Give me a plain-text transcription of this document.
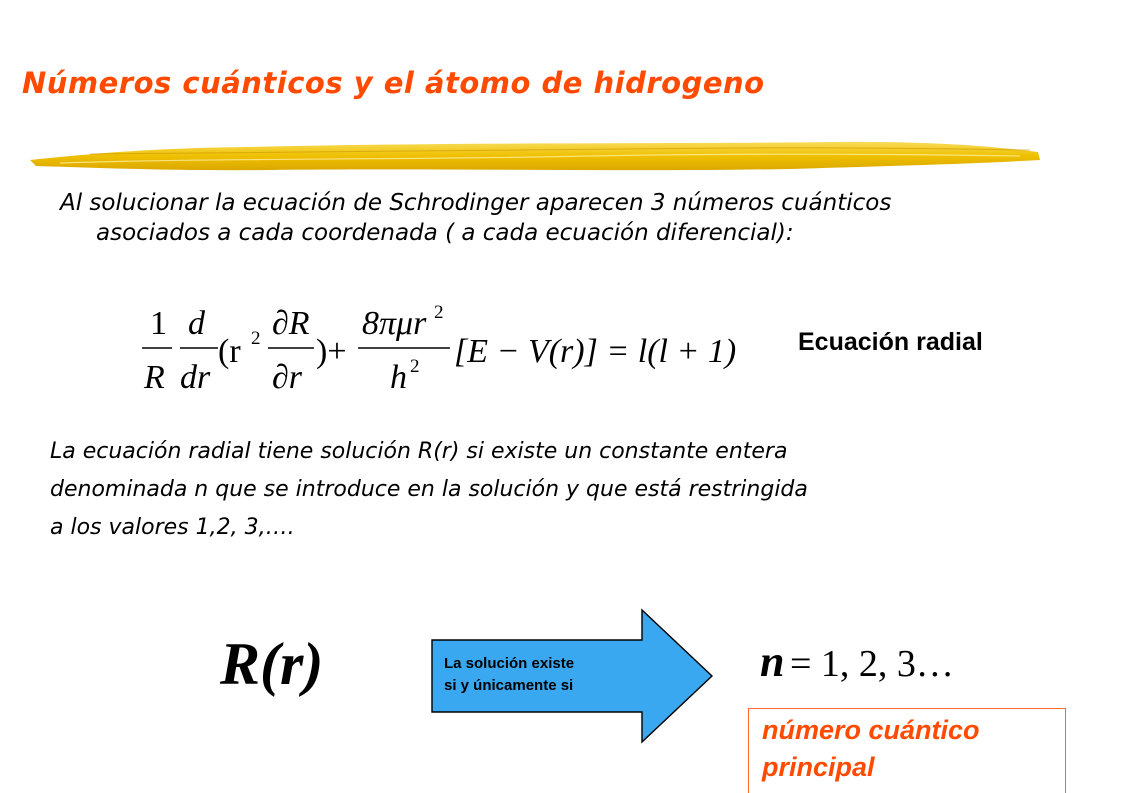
Números cuánticos y el átomo de hidrogeno
Al solucionar la ecuación de Schrodinger aparecen 3 números cuánticos
asociados a cada coordenada ( a cada ecuación diferencial):
1
R
d
dr
(r 2 ∂R
∂r
)+
8πμr 2
h 2 [E − V(r)] = l(l + 1) Ecuación radial
La ecuación radial tiene solución R(r) si existe un constante entera
denominada n que se introduce en la solución y que está restringida
a los valores 1,2, 3,….
R(r)	La solución existe
si y únicamente si	n = 1, 2, 3…
número cuántico
principal
